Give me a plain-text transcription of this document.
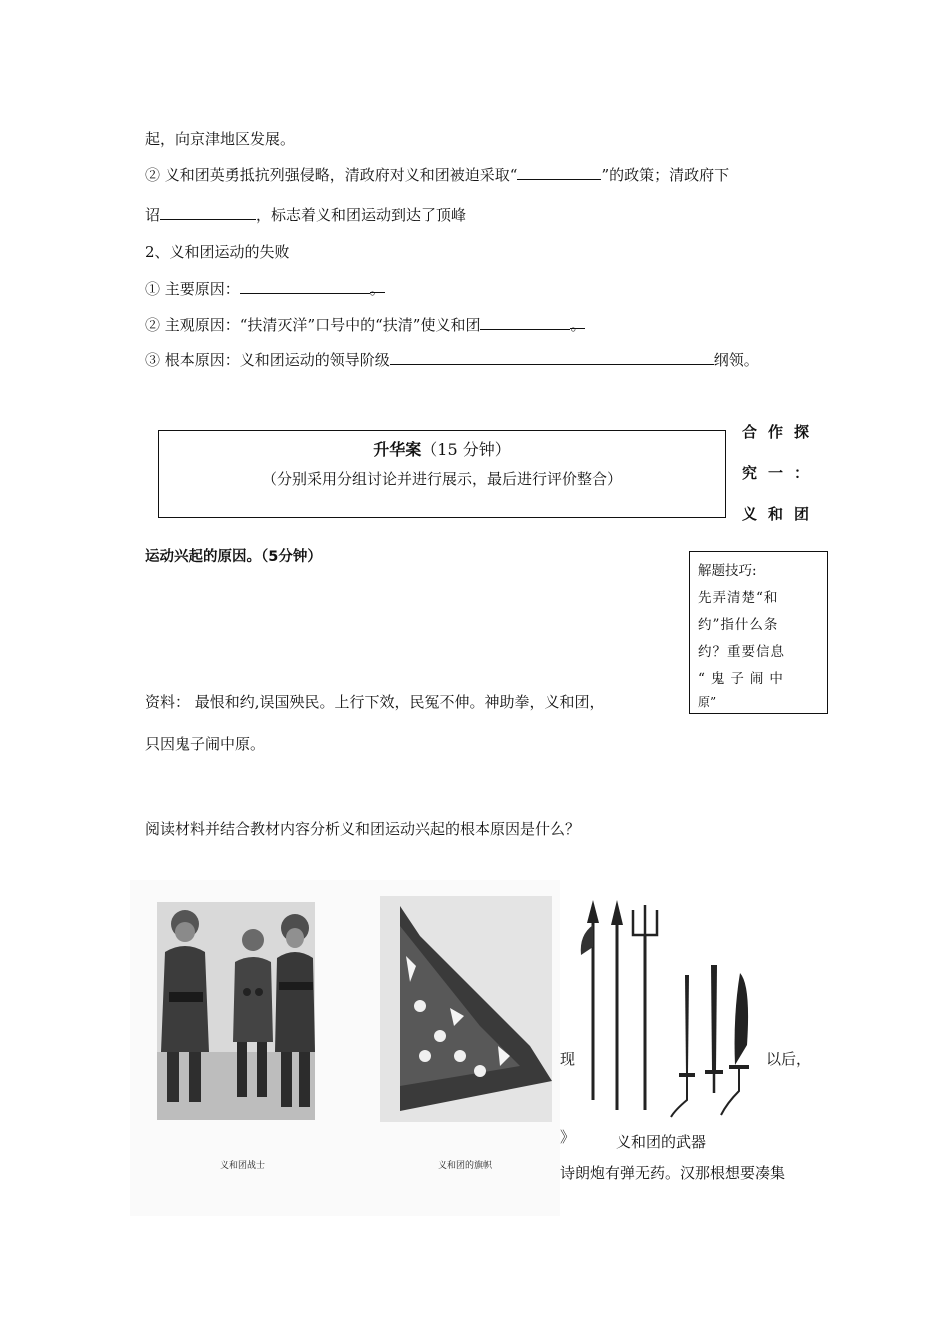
起，向京津地区发展。
② 义和团英勇抵抗列强侵略，清政府对义和团被迫采取“	”的政策；清政府下
诏	，标志着义和团运动到达了顶峰
2、义和团运动的失败
① 主要原因：	。
② 主观原因：“扶清灭洋”口号中的“扶清”使义和团	。
③ 根本原因：义和团运动的领导阶级	纲领。
升华案（15 分钟）
（分别采用分组讨论并进行展示，最后进行评价整合）
合作探
究一：
义和团
运动兴起的原因。（5分钟）
解题技巧:
先弄清楚“和
约”指什么条
约？重要信息
“鬼子闹中
原”
资料： 最恨和约,误国殃民。上行下效，民冤不伸。神助拳，义和团，
只因鬼子闹中原。
阅读材料并结合教材内容分析义和团运动兴起的根本原因是什么？
义和团战士	义和团的旗帜
现	以后，
》	义和团的武器
诗朗炮有弹无药。汉那根想要凑集
